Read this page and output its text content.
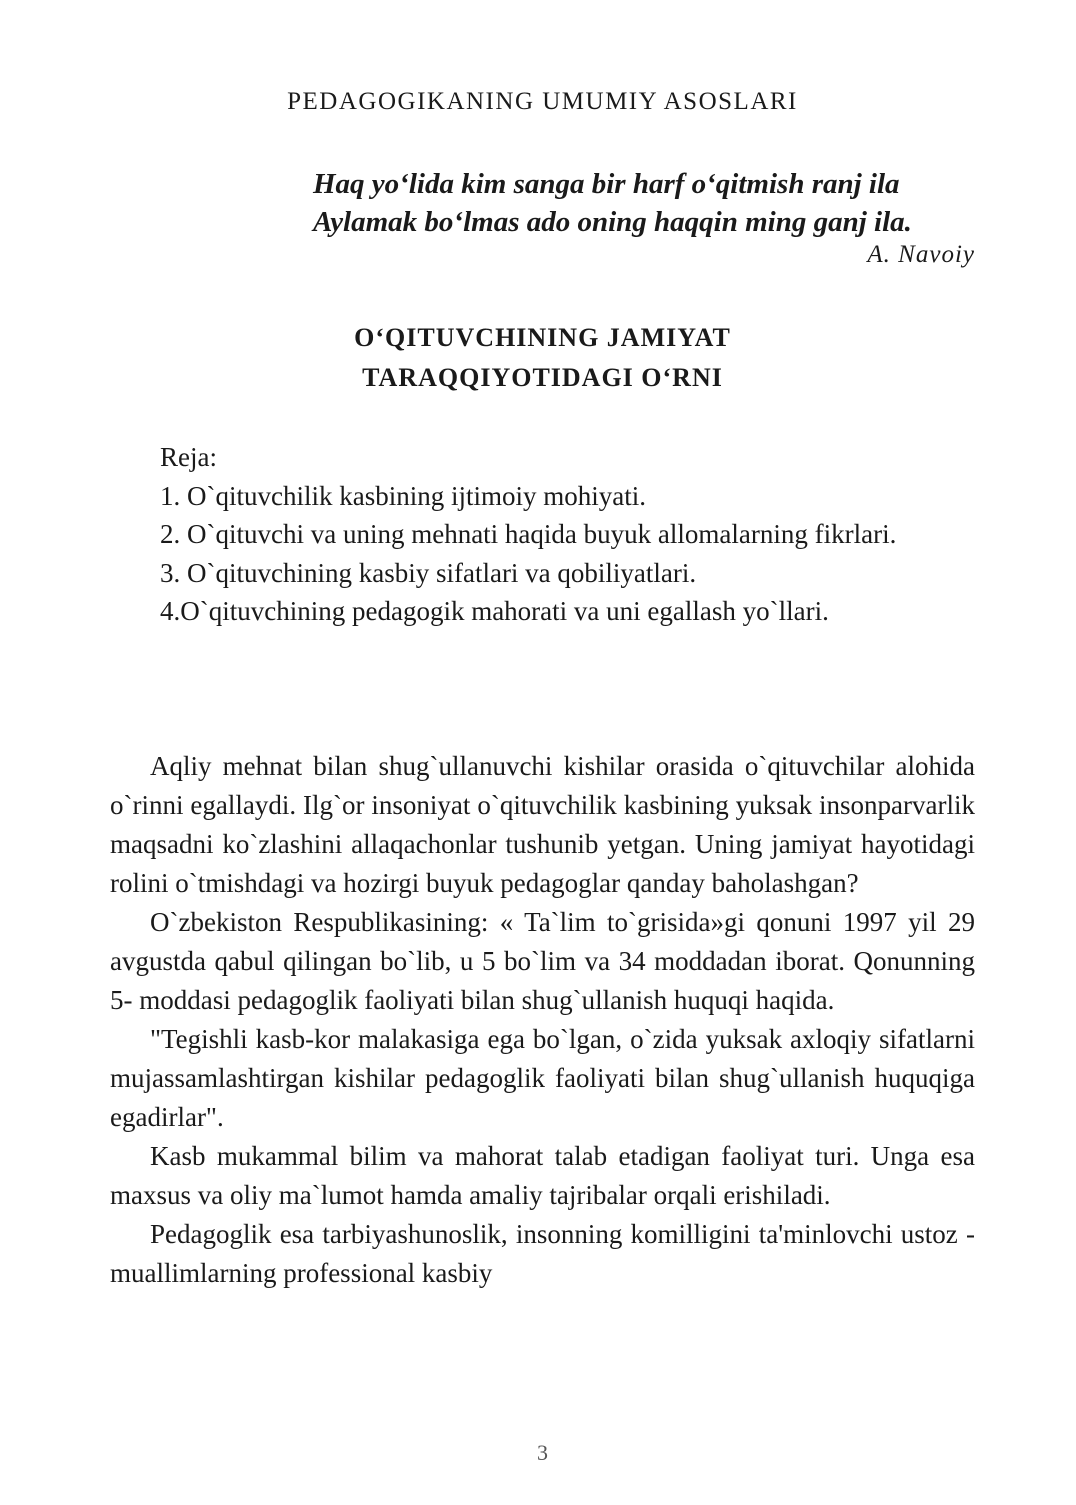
PEDAGOGIKANING UMUMIY ASOSLARI
Haq yo‘lida kim sanga bir harf o‘qitmish ranj ila
Aylamak bo‘lmas ado oning haqqin ming ganj ila.
A. Navoiy
O‘QITUVCHINING JAMIYAT
TARAQQIYOTIDAGI O‘RNI
Reja:
1. O`qituvchilik kasbining ijtimoiy mohiyati.
2. O`qituvchi va uning mehnati haqida buyuk allomalarning fikrlari.
3. O`qituvchining kasbiy sifatlari va qobiliyatlari.
4.O`qituvchining pedagogik mahorati va uni egallash yo`llari.

Aqliy mehnat bilan shug`ullanuvchi kishilar orasida o`qituvchilar alohida o`rinni egallaydi. Ilg`or insoniyat o`qituvchilik kasbining yuksak insonparvarlik maqsadni ko`zlashini allaqachonlar tushunib yetgan. Uning jamiyat hayotidagi rolini o`tmishdagi va hozirgi buyuk pedagoglar qanday baholashgan?

O`zbekiston Respublikasining: « Ta`lim to`grisida»gi qonuni 1997 yil 29 avgustda qabul qilingan bo`lib, u 5 bo`lim va 34 moddadan iborat. Qonunning 5- moddasi pedagoglik faoliyati bilan shug`ullanish huquqi haqida.

"Tegishli kasb-kor malakasiga ega bo`lgan, o`zida yuksak axloqiy sifatlarni mujassamlashtirgan kishilar pedagoglik faoliyati bilan shug`ullanish huquqiga egadirlar".

Kasb mukammal bilim va mahorat talab etadigan faoliyat turi. Unga esa maxsus va oliy ma`lumot hamda amaliy tajribalar orqali erishiladi.

Pedagoglik esa tarbiyashunoslik, insonning komilligini ta'minlovchi ustoz - muallimlarning professional kasbiy

3
